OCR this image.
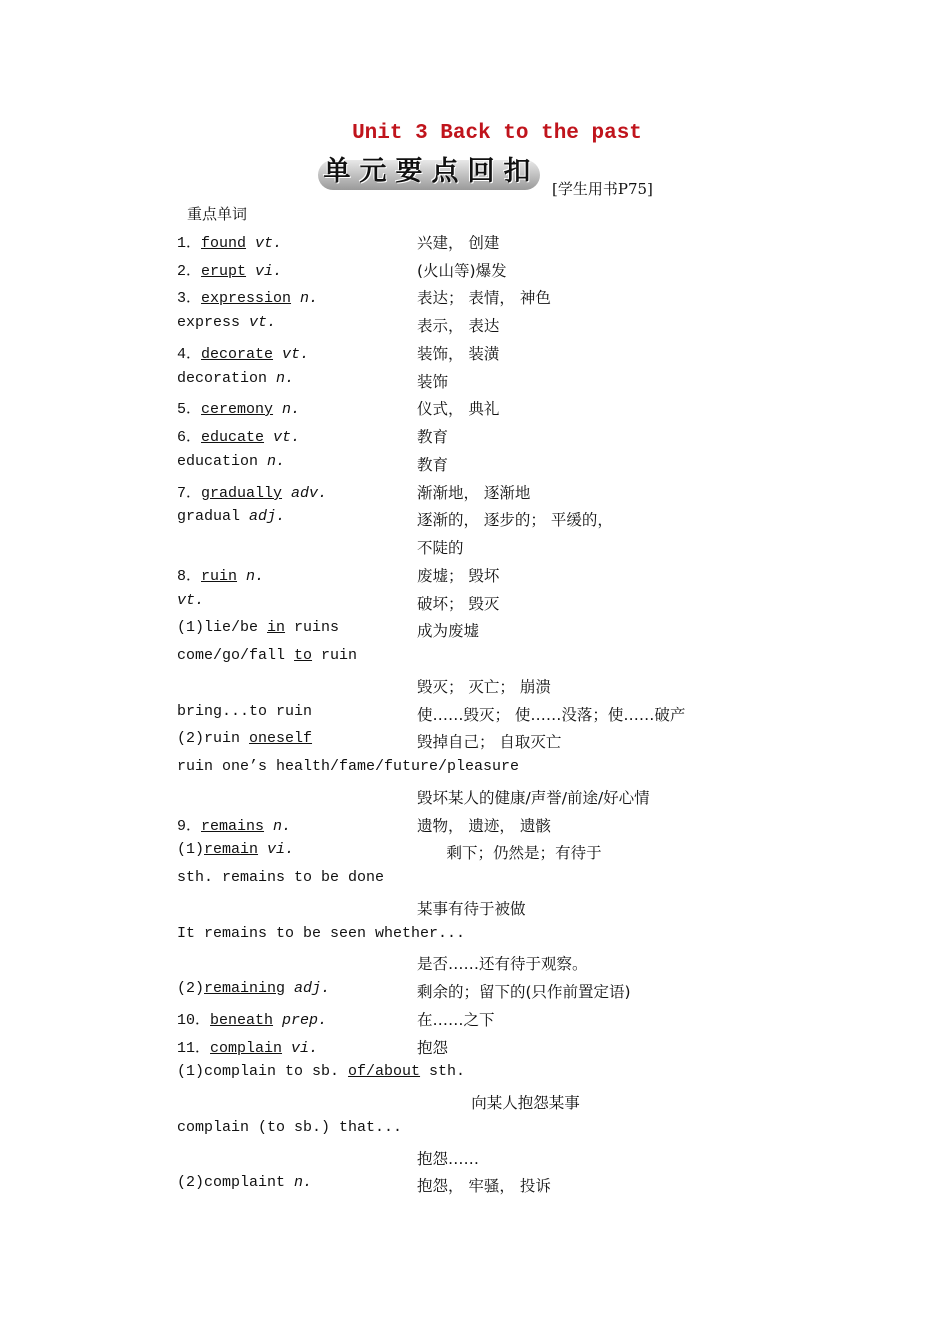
Unit 3 Back to the past
单 元 要 点 回 扣
[学生用书P75]
重点单词
1．found vt.	兴建， 创建
2．erupt vi.	(火山等)爆发
3．expression n.	表达； 表情， 神色
express vt.	表示， 表达
4．decorate vt.	装饰， 装潢
decoration n.	装饰
5．ceremony n.	仪式， 典礼
6．educate vt.	教育
education n.	教育
7．gradually adv.	渐渐地， 逐渐地
gradual adj.	逐渐的， 逐步的； 平缓的，
不陡的
8．ruin n.	废墟； 毁坏
vt.	破坏； 毁灭
(1)lie/be in ruins	成为废墟
come/go/fall to ruin
毁灭； 灭亡； 崩溃
bring...to ruin	使……毁灭； 使……没落；使……破产
(2)ruin oneself	毁掉自己； 自取灭亡
ruin one’s health/fame/future/pleasure
毁坏某人的健康/声誉/前途/好心情
9．remains n.	遗物， 遗迹， 遗骸
(1)remain vi.	剩下；仍然是；有待于
sth. remains to be done
某事有待于被做
It remains to be seen whether...
是否……还有待于观察。
(2)remaining adj.	剩余的；留下的(只作前置定语)
10．beneath prep.	在……之下
11．complain vi.	抱怨
(1)complain to sb. of/about sth.
向某人抱怨某事
complain (to sb.) that...
抱怨……
(2)complaint n.	抱怨， 牢骚， 投诉
